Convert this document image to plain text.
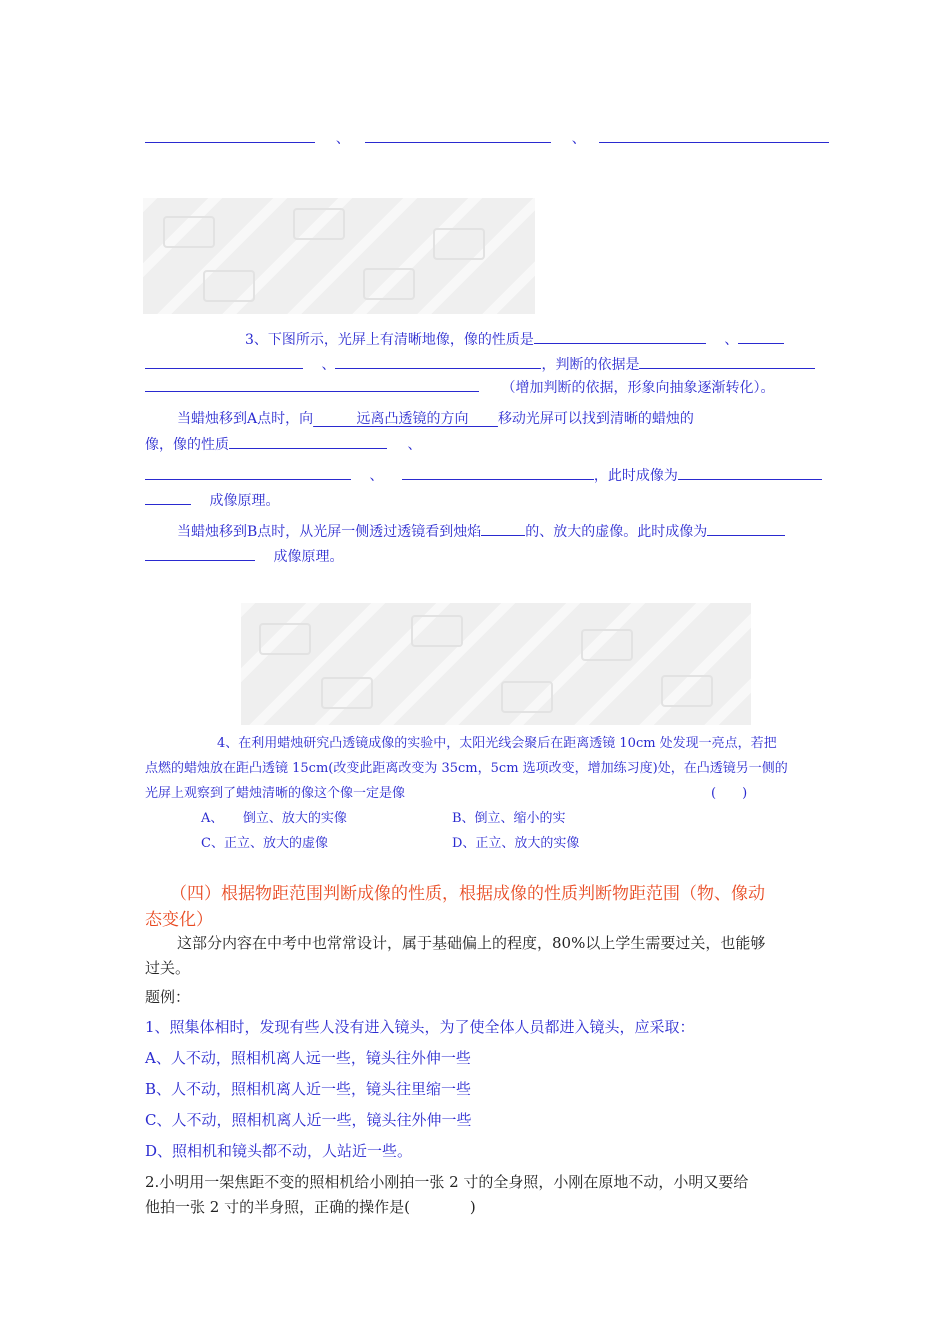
、	、
3、下图所示，光屏上有清晰地像，像的性质是	、
、	，判断的依据是
（增加判断的依据，形象向抽象逐渐转化）。
当蜡烛移到A点时，向    	远离凸透镜的方向    移动光屏可以找到清晰的蜡烛的
像，像的性质	、
、	，此时成像为
成像原理。
当蜡烛移到B点时，从光屏一侧透过透镜看到烛焰	的、放大的虚像。此时成像为
成像原理。
4、在利用蜡烛研究凸透镜成像的实验中，太阳光线会聚后在距离透镜 10cm 处发现一亮点，若把
点燃的蜡烛放在距凸透镜 15cm(改变此距离改变为 35cm，5cm 选项改变，增加练习度)处，在凸透镜另一侧的
光屏上观察到了蜡烛清晰的像这个像一定是像	(　　)
A、　　倒立、放大的实像	B、倒立、缩小的实
C、正立、放大的虚像	D、正立、放大的实像
（四）根据物距范围判断成像的性质，根据成像的性质判断物距范围（物、像动
态变化）
这部分内容在中考中也常常设计，属于基础偏上的程度，80%以上学生需要过关，也能够
过关。
题例：
1、照集体相时，发现有些人没有进入镜头，为了使全体人员都进入镜头，应采取：
A、人不动，照相机离人远一些，镜头往外伸一些
B、人不动，照相机离人近一些，镜头往里缩一些
C、人不动，照相机离人近一些，镜头往外伸一些
D、照相机和镜头都不动，人站近一些。
2.小明用一架焦距不变的照相机给小刚拍一张 2 寸的全身照，小刚在原地不动，小明又要给
他拍一张 2 寸的半身照，正确的操作是(　　　　)
